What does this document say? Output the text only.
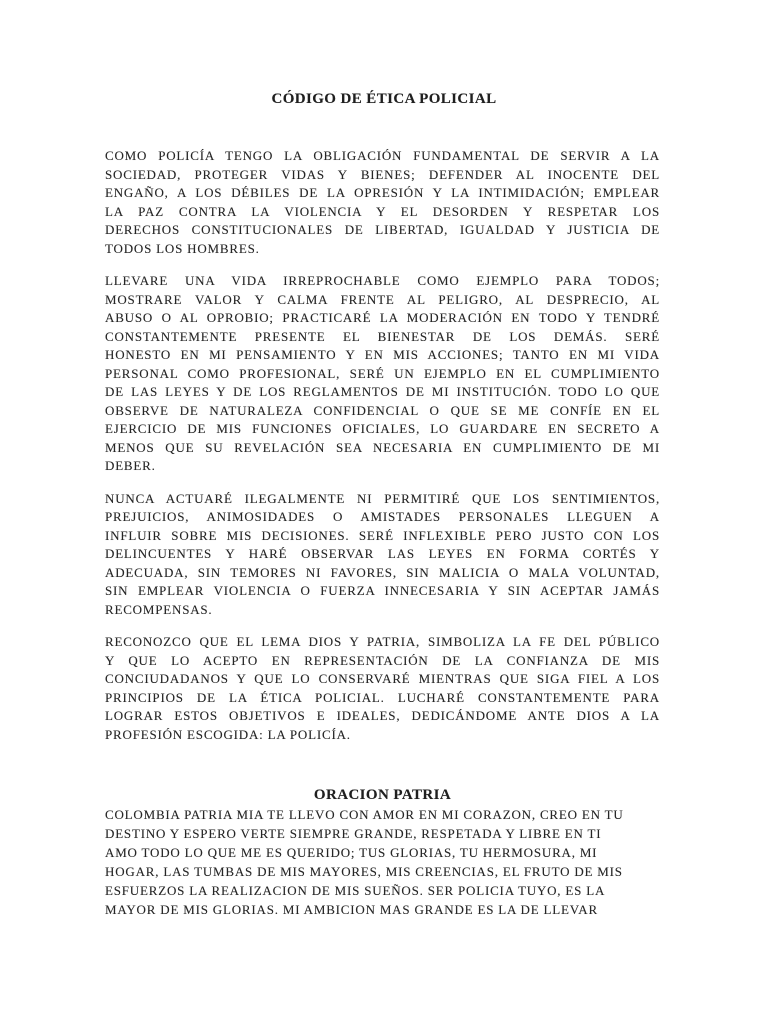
CÓDIGO DE ÉTICA POLICIAL

COMO POLICÍA TENGO LA OBLIGACIÓN FUNDAMENTAL DE SERVIR A LA
SOCIEDAD, PROTEGER VIDAS Y BIENES; DEFENDER AL INOCENTE DEL
ENGAÑO, A LOS DÉBILES DE LA OPRESIÓN Y LA INTIMIDACIÓN; EMPLEAR
LA PAZ CONTRA LA VIOLENCIA Y EL DESORDEN Y RESPETAR LOS
DERECHOS CONSTITUCIONALES DE LIBERTAD, IGUALDAD Y JUSTICIA DE
TODOS LOS HOMBRES.

LLEVARE UNA VIDA IRREPROCHABLE COMO EJEMPLO PARA TODOS;
MOSTRARE VALOR Y CALMA FRENTE AL PELIGRO, AL DESPRECIO, AL
ABUSO O AL OPROBIO; PRACTICARÉ LA MODERACIÓN EN TODO Y TENDRÉ
CONSTANTEMENTE PRESENTE EL BIENESTAR DE LOS DEMÁS. SERÉ
HONESTO EN MI PENSAMIENTO Y EN MIS ACCIONES; TANTO EN MI VIDA
PERSONAL COMO PROFESIONAL, SERÉ UN EJEMPLO EN EL CUMPLIMIENTO
DE LAS LEYES Y DE LOS REGLAMENTOS DE MI INSTITUCIÓN. TODO LO QUE
OBSERVE DE NATURALEZA CONFIDENCIAL O QUE SE ME CONFÍE EN EL
EJERCICIO DE MIS FUNCIONES OFICIALES, LO GUARDARE EN SECRETO A
MENOS QUE SU REVELACIÓN SEA NECESARIA EN CUMPLIMIENTO DE MI
DEBER.

NUNCA ACTUARÉ ILEGALMENTE NI PERMITIRÉ QUE LOS SENTIMIENTOS,
PREJUICIOS, ANIMOSIDADES O AMISTADES PERSONALES LLEGUEN A
INFLUIR SOBRE MIS DECISIONES. SERÉ INFLEXIBLE PERO JUSTO CON LOS
DELINCUENTES Y HARÉ OBSERVAR LAS LEYES EN FORMA CORTÉS Y
ADECUADA, SIN TEMORES NI FAVORES, SIN MALICIA O MALA VOLUNTAD,
SIN EMPLEAR VIOLENCIA O FUERZA INNECESARIA Y SIN ACEPTAR JAMÁS
RECOMPENSAS.

RECONOZCO QUE EL LEMA DIOS Y PATRIA, SIMBOLIZA LA FE DEL PÚBLICO
Y QUE LO ACEPTO EN REPRESENTACIÓN DE LA CONFIANZA DE MIS
CONCIUDADANOS Y QUE LO CONSERVARÉ MIENTRAS QUE SIGA FIEL A LOS
PRINCIPIOS DE LA ÉTICA POLICIAL. LUCHARÉ CONSTANTEMENTE PARA
LOGRAR ESTOS OBJETIVOS E IDEALES, DEDICÁNDOME ANTE DIOS A LA
PROFESIÓN ESCOGIDA: LA POLICÍA.

ORACION PATRIA

COLOMBIA PATRIA MIA TE LLEVO CON AMOR EN MI CORAZON, CREO EN TU
DESTINO Y ESPERO VERTE SIEMPRE GRANDE, RESPETADA Y LIBRE EN TI
AMO TODO LO QUE ME ES QUERIDO; TUS GLORIAS, TU HERMOSURA, MI
HOGAR, LAS TUMBAS DE MIS MAYORES, MIS CREENCIAS, EL FRUTO DE MIS
ESFUERZOS LA REALIZACION DE MIS SUEÑOS. SER POLICIA TUYO, ES LA
MAYOR DE MIS GLORIAS. MI AMBICION MAS GRANDE ES LA DE LLEVAR
